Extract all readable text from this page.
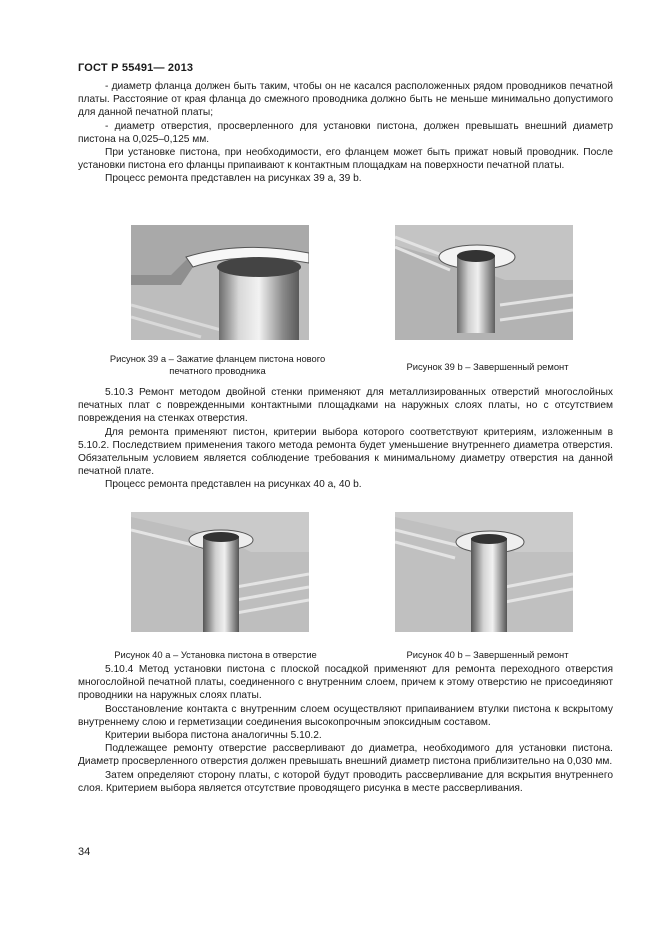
ГОСТ Р 55491— 2013

- диаметр фланца должен быть таким, чтобы он не касался расположенных рядом проводников печатной платы. Расстояние от края фланца до смежного проводника должно быть не меньше минимально допустимого для данной печатной платы;

- диаметр отверстия, просверленного для установки пистона, должен превышать внешний диаметр пистона на 0,025–0,125 мм.

При установке пистона, при необходимости, его фланцем может быть прижат новый проводник. После установки пистона его фланцы припаивают к контактным площадкам на поверхности печатной платы.

Процесс ремонта представлен на рисунках 39 а, 39 b.

Рисунок 39 а – Зажатие фланцем пистона нового печатного проводника	Рисунок 39 b – Завершенный ремонт

5.10.3 Ремонт методом двойной стенки применяют для металлизированных отверстий многослойных печатных плат с поврежденными контактными площадками на наружных слоях платы, но с отсутствием повреждения на стенках отверстия.

Для ремонта применяют пистон, критерии выбора которого соответствуют критериям, изложенным в 5.10.2. Последствием применения такого метода ремонта будет уменьшение внутреннего диаметра отверстия. Обязательным условием является соблюдение требования к минимальному диаметру отверстия на данной печатной плате.

Процесс ремонта представлен на рисунках 40 а, 40 b.

Рисунок 40 а – Установка пистона в отверстие	Рисунок 40 b – Завершенный ремонт

5.10.4 Метод установки пистона с плоской посадкой применяют для ремонта переходного отверстия многослойной печатной платы, соединенного с внутренним слоем, причем к этому отверстию не присоединяют проводники на наружных слоях платы.

Восстановление контакта с внутренним слоем осуществляют припаиванием втулки пистона к вскрытому внутреннему слою и герметизации соединения высокопрочным эпоксидным составом.

Критерии выбора пистона аналогичны 5.10.2.

Подлежащее ремонту отверстие рассверливают до диаметра, необходимого для установки пистона. Диаметр просверленного отверстия должен превышать внешний диаметр пистона приблизительно на 0,030 мм.

Затем определяют сторону платы, с которой будут проводить рассверливание для вскрытия внутреннего слоя. Критерием выбора является отсутствие проводящего рисунка в месте рассверливания.

34
